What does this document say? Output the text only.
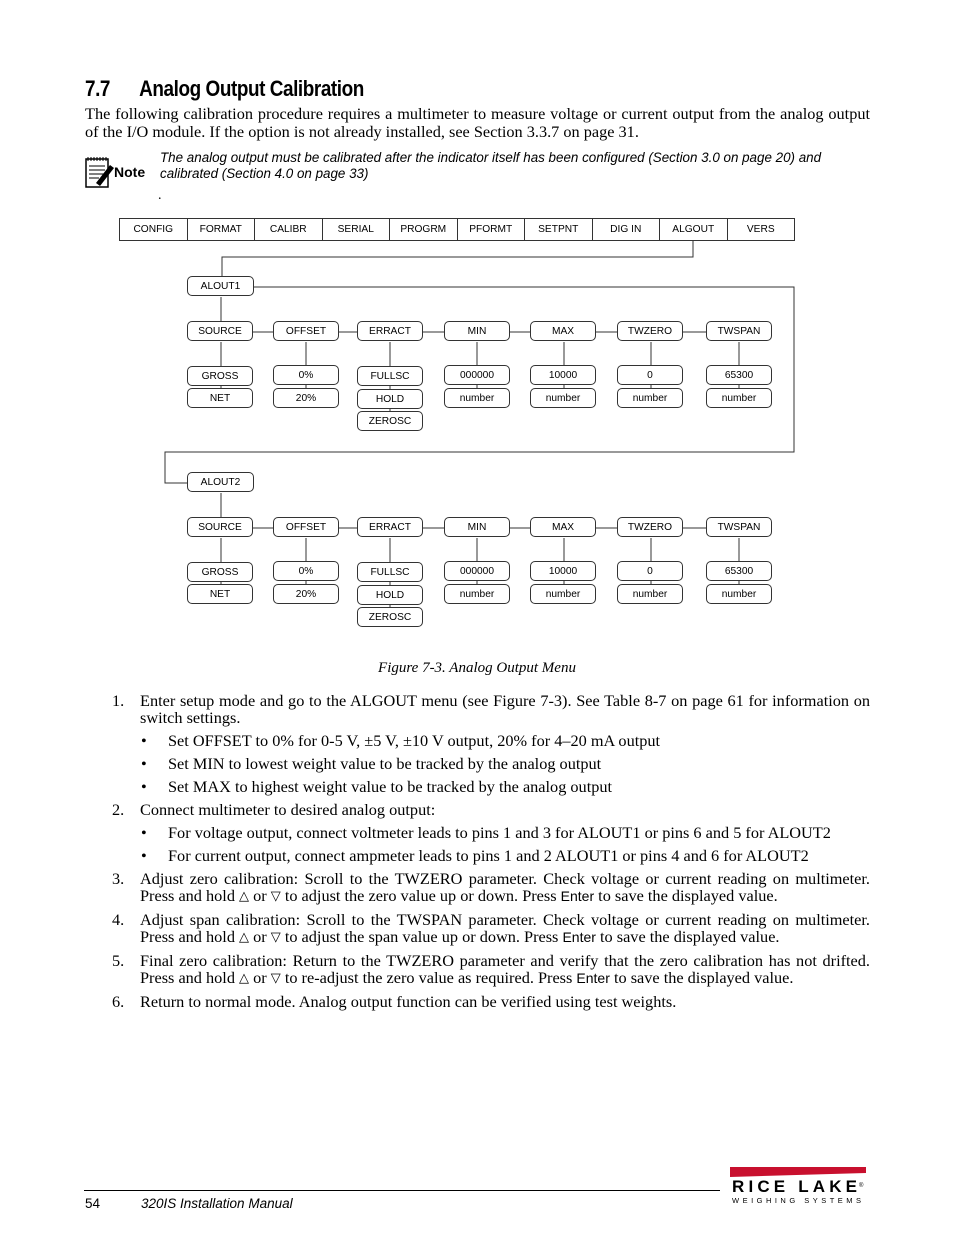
7.7 Analog Output Calibration
The following calibration procedure requires a multimeter to measure voltage or current output from the analog output of the I/O module. If the option is not already installed, see Section 3.3.7 on page 31.
Note
The analog output must be calibrated after the indicator itself has been configured (Section 3.0 on page 20) and calibrated (Section 4.0 on page 33)
.
CONFIG	FORMAT	CALIBR	SERIAL	PROGRM	PFORMT	SETPNT	DIG IN	ALGOUT	VERS
ALOUT1
SOURCE	OFFSET	ERRACT	MIN	MAX	TWZERO	TWSPAN
GROSS
NET
0%
20%
FULLSC
HOLD
ZEROSC
000000
number
10000
number
0
number
65300
number
ALOUT2
SOURCE	OFFSET	ERRACT	MIN	MAX	TWZERO	TWSPAN
GROSS
NET
0%
20%
FULLSC
HOLD
ZEROSC
000000
number
10000
number
0
number
65300
number
Figure 7-3. Analog Output Menu
1. Enter setup mode and go to the ALGOUT menu (see Figure 7-3). See Table 8-7 on page 61 for information on switch settings.
• Set OFFSET to 0% for 0-5 V, ±5 V, ±10 V output, 20% for 4–20 mA output
• Set MIN to lowest weight value to be tracked by the analog output
• Set MAX to highest weight value to be tracked by the analog output
2. Connect multimeter to desired analog output:
• For voltage output, connect voltmeter leads to pins 1 and 3 for ALOUT1 or pins 6 and 5 for ALOUT2
• For current output, connect ampmeter leads to pins 1 and 2 ALOUT1 or pins 4 and 6 for ALOUT2
3. Adjust zero calibration: Scroll to the TWZERO parameter. Check voltage or current reading on multimeter. Press and hold △ or ▽ to adjust the zero value up or down. Press Enter to save the displayed value.
4. Adjust span calibration: Scroll to the TWSPAN parameter. Check voltage or current reading on multimeter. Press and hold △ or ▽ to adjust the span value up or down. Press Enter to save the displayed value.
5. Final zero calibration: Return to the TWZERO parameter and verify that the zero calibration has not drifted. Press and hold △ or ▽ to re-adjust the zero value as required. Press Enter to save the displayed value.
6. Return to normal mode. Analog output function can be verified using test weights.
54	320IS Installation Manual
RICE LAKE ®
WEIGHING SYSTEMS
